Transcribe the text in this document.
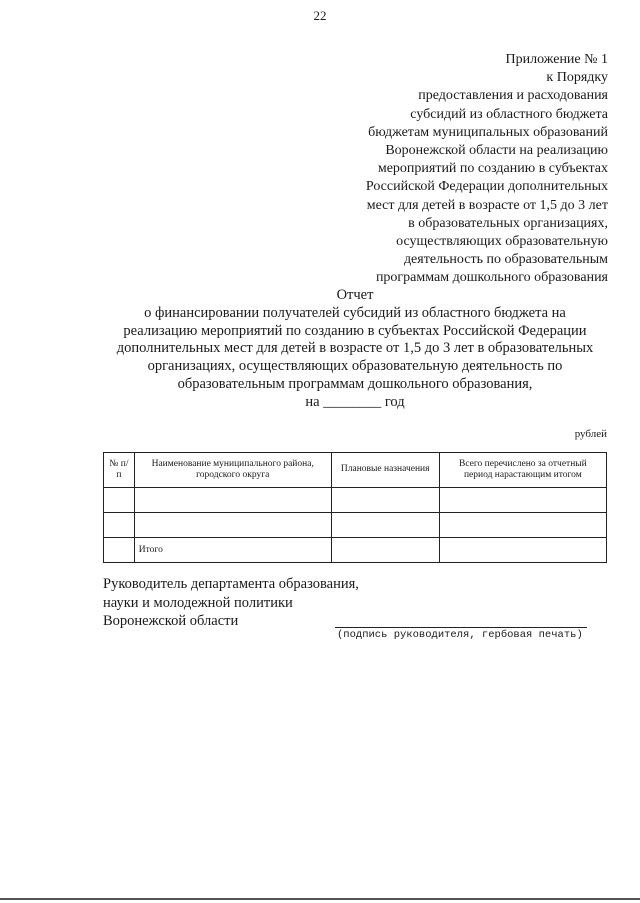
22
Приложение № 1
к Порядку
предоставления и расходования
субсидий из областного бюджета
бюджетам муниципальных образований
Воронежской области на реализацию
мероприятий по созданию в субъектах
Российской Федерации дополнительных
мест для детей в возрасте от 1,5 до 3 лет
в образовательных организациях,
осуществляющих образовательную
деятельность по образовательным
программам дошкольного образования
Отчет
о финансировании получателей субсидий из областного бюджета на
реализацию мероприятий по созданию в субъектах Российской Федерации
дополнительных мест для детей в возрасте от 1,5 до 3 лет в образовательных
организациях, осуществляющих образовательную деятельность по
образовательным программам дошкольного образования,
на ________ год
рублей
№ п/п	Наименование муниципального района, городского округа	Плановые назначения	Всего перечислено за отчетный период нарастающим итогом

	Итого		
Руководитель департамента образования,
науки и молодежной политики
Воронежской области
(подпись руководителя, гербовая печать)
